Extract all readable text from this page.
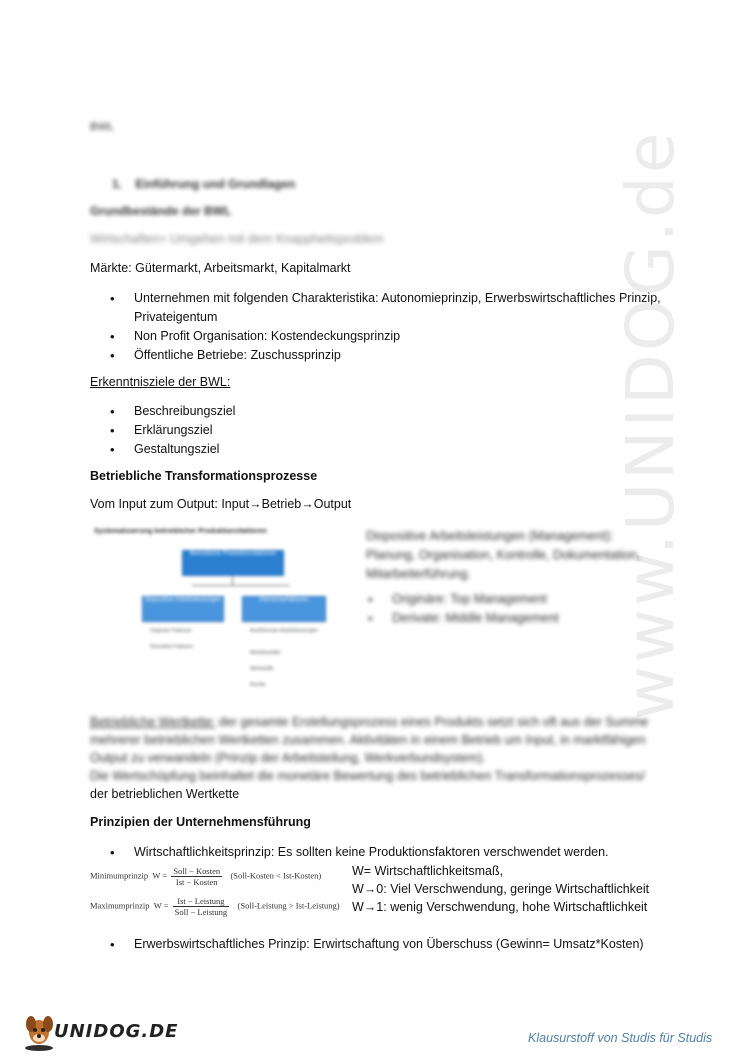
www.UNIDOG.de
BWL
1. Einführung und Grundlagen
Grundbestände der BWL
Wirtschaften= Umgehen mit dem Knappheitsproblem
Märkte: Gütermarkt, Arbeitsmarkt, Kapitalmarkt
• Unternehmen mit folgenden Charakteristika: Autonomieprinzip, Erwerbswirtschaftliches Prinzip, Privateigentum
• Non Profit Organisation: Kostendeckungsprinzip
• Öffentliche Betriebe: Zuschussprinzip
Erkenntnisziele der BWL:
• Beschreibungsziel
• Erklärungsziel
• Gestaltungsziel
Betriebliche Transformationsprozesse
Vom Input zum Output: Input→Betrieb→Output
Systematisierung betrieblicher Produktionsfaktoren
Betriebliche Produktionsfaktoren
Dispositive Arbeitsleistungen	Elementarfaktoren
Originäre Faktoren
Derivative Faktoren
Ausführende Arbeitsleistungen
Betriebsmittel
Werkstoffe
Rechte
Dispositive Arbeitsleistungen (Management): Planung, Organisation, Kontrolle, Dokumentation, Mitarbeiterführung.
• Originäre: Top Management
• Derivate: Middle Management
Betriebliche Wertkette: der gesamte Erstellungsprozess eines Produkts setzt sich oft aus der Summe mehrerer betrieblichen Wertketten zusammen. Aktivitäten in einem Betrieb um Input, in marktfähigen Output zu verwandeln (Prinzip der Arbeitsteilung, Werkverbundsystem).
Die Wertschöpfung beinhaltet die monetäre Bewertung des betrieblichen Transformationsprozesses/
der betrieblichen Wertkette
Prinzipien der Unternehmensführung
• Wirtschaftlichkeitsprinzip: Es sollten keine Produktionsfaktoren verschwendet werden.
Minimumprinzip  $W = \frac{\text{Soll − Kosten}}{\text{Ist − Kosten}}$ (Soll-Kosten < Ist-Kosten)
Maximumprinzip  $W = \frac{\text{Ist − Leistung}}{\text{Soll − Leistung}}$ (Soll-Leistung > Ist-Leistung)
W= Wirtschaftlichkeitsmaß,
W→0: Viel Verschwendung, geringe Wirtschaftlichkeit
W→1: wenig Verschwendung, hohe Wirtschaftlichkeit
• Erwerbswirtschaftliches Prinzip: Erwirtschaftung von Überschuss (Gewinn= Umsatz*Kosten)
UNIDOG.DE	Klausurstoff von Studis für Studis
